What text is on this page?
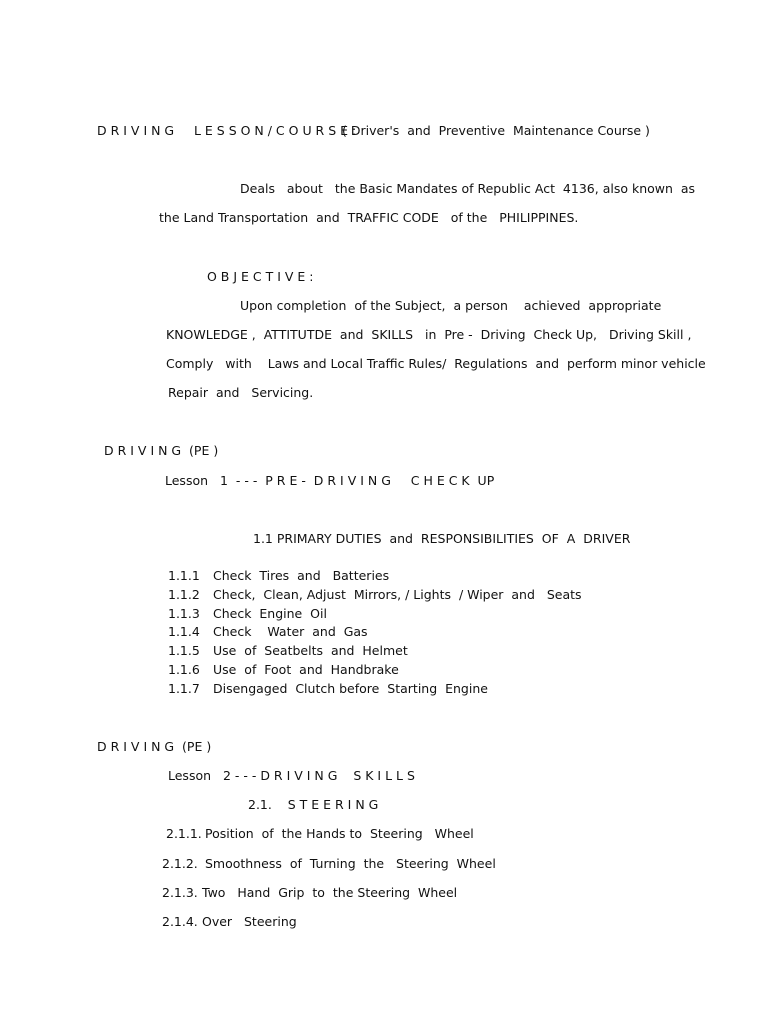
D R I V I N G     L E S S O N / C O U R S E :
( Driver's  and  Preventive  Maintenance Course )
Deals   about   the Basic Mandates of Republic Act  4136, also known  as
the Land Transportation  and  TRAFFIC CODE   of the   PHILIPPINES.
O B J E C T I V E :
Upon completion  of the Subject,  a person    achieved  appropriate
KNOWLEDGE ,  ATTITUTDE  and  SKILLS   in  Pre -  Driving  Check Up,   Driving Skill ,
Comply   with    Laws and Local Traffic Rules/  Regulations  and  perform minor vehicle
Repair  and   Servicing.
D R I V I N G  (PE )
Lesson   1  - - -  P R E -  D R I V I N G     C H E C K  UP
1.1 PRIMARY DUTIES  and  RESPONSIBILITIES  OF  A  DRIVER
1.1.1 Check  Tires  and   Batteries
1.1.2 Check,  Clean, Adjust  Mirrors, / Lights  / Wiper  and   Seats
1.1.3 Check  Engine  Oil
1.1.4 Check    Water  and  Gas
1.1.5 Use  of  Seatbelts  and  Helmet
1.1.6 Use  of  Foot  and  Handbrake
1.1.7 Disengaged  Clutch before  Starting  Engine
D R I V I N G  (PE )
Lesson   2 - - - D R I V I N G    S K I L L S
2.1.    S T E E R I N G
2.1.1. Position  of  the Hands to  Steering   Wheel
2.1.2. Smoothness  of  Turning  the   Steering  Wheel
2.1.3. Two   Hand  Grip  to  the Steering  Wheel
2.1.4. Over   Steering
